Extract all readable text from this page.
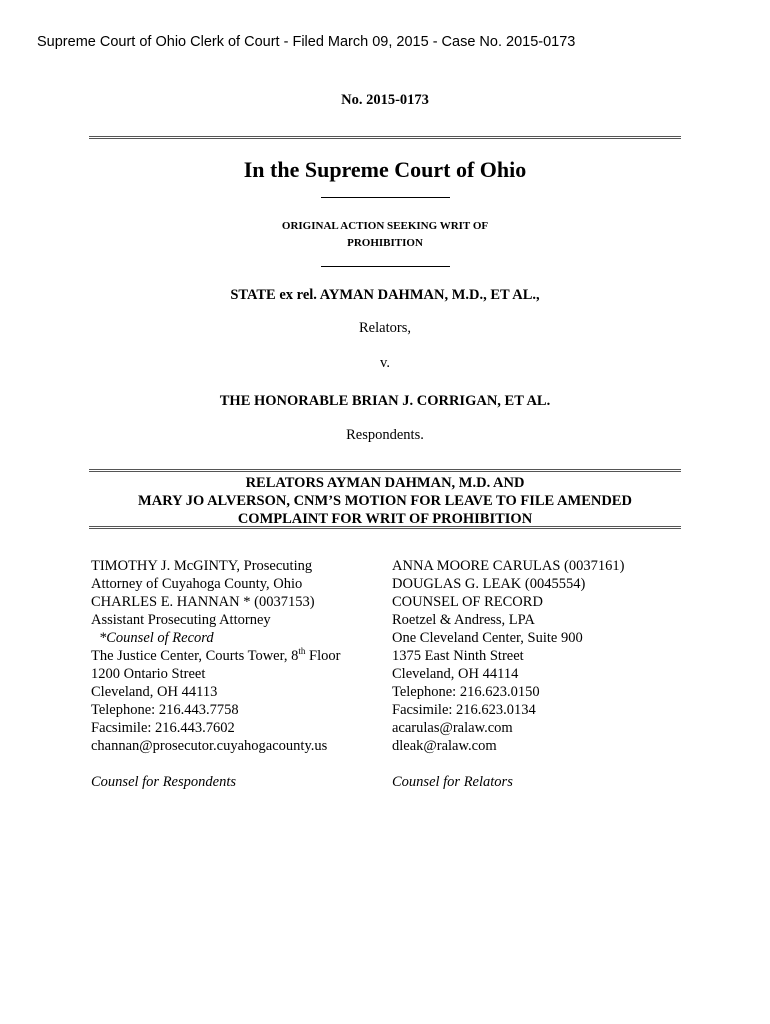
Supreme Court of Ohio Clerk of Court - Filed March 09, 2015 - Case No. 2015-0173
No. 2015-0173
In the Supreme Court of Ohio
ORIGINAL ACTION SEEKING WRIT OF
PROHIBITION
STATE ex rel. AYMAN DAHMAN, M.D., ET AL.,
Relators,
v.
THE HONORABLE BRIAN J. CORRIGAN, ET AL.
Respondents.
RELATORS AYMAN DAHMAN, M.D. AND
MARY JO ALVERSON, CNM’S MOTION FOR LEAVE TO FILE AMENDED
COMPLAINT FOR WRIT OF PROHIBITION
TIMOTHY J. McGINTY, Prosecuting
Attorney of Cuyahoga County, Ohio
CHARLES E. HANNAN * (0037153)
Assistant Prosecuting Attorney
*Counsel of Record
The Justice Center, Courts Tower, 8th Floor
1200 Ontario Street
Cleveland, OH 44113
Telephone: 216.443.7758
Facsimile: 216.443.7602
channan@prosecutor.cuyahogacounty.us
Counsel for Respondents
ANNA MOORE CARULAS (0037161)
DOUGLAS G. LEAK (0045554)
COUNSEL OF RECORD
Roetzel & Andress, LPA
One Cleveland Center, Suite 900
1375 East Ninth Street
Cleveland, OH 44114
Telephone: 216.623.0150
Facsimile: 216.623.0134
acarulas@ralaw.com
dleak@ralaw.com
Counsel for Relators
